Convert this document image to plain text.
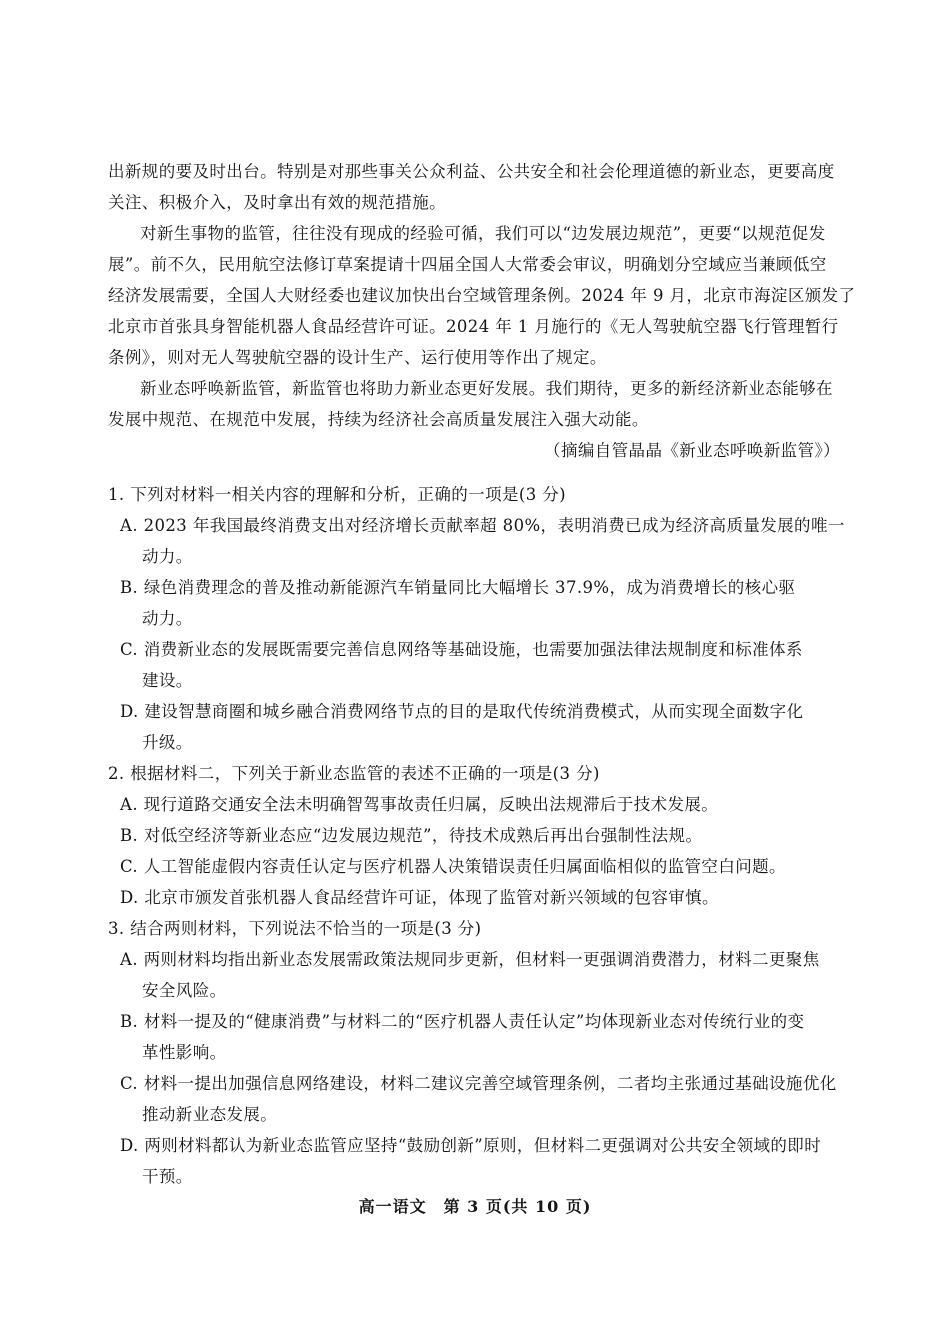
出新规的要及时出台。特别是对那些事关公众利益、公共安全和社会伦理道德的新业态，更要高度
关注、积极介入，及时拿出有效的规范措施。
对新生事物的监管，往往没有现成的经验可循，我们可以“边发展边规范”，更要“以规范促发
展”。前不久，民用航空法修订草案提请十四届全国人大常委会审议，明确划分空域应当兼顾低空
经济发展需要，全国人大财经委也建议加快出台空域管理条例。2024 年 9 月，北京市海淀区颁发了
北京市首张具身智能机器人食品经营许可证。2024 年 1 月施行的《无人驾驶航空器飞行管理暂行
条例》，则对无人驾驶航空器的设计生产、运行使用等作出了规定。
新业态呼唤新监管，新监管也将助力新业态更好发展。我们期待，更多的新经济新业态能够在
发展中规范、在规范中发展，持续为经济社会高质量发展注入强大动能。
（摘编自管晶晶《新业态呼唤新监管》）
1. 下列对材料一相关内容的理解和分析，正确的一项是(3 分)
A. 2023 年我国最终消费支出对经济增长贡献率超 80%，表明消费已成为经济高质量发展的唯一
动力。
B. 绿色消费理念的普及推动新能源汽车销量同比大幅增长 37.9%，成为消费增长的核心驱
动力。
C. 消费新业态的发展既需要完善信息网络等基础设施，也需要加强法律法规制度和标准体系
建设。
D. 建设智慧商圈和城乡融合消费网络节点的目的是取代传统消费模式，从而实现全面数字化
升级。
2. 根据材料二，下列关于新业态监管的表述不正确的一项是(3 分)
A. 现行道路交通安全法未明确智驾事故责任归属，反映出法规滞后于技术发展。
B. 对低空经济等新业态应“边发展边规范”，待技术成熟后再出台强制性法规。
C. 人工智能虚假内容责任认定与医疗机器人决策错误责任归属面临相似的监管空白问题。
D. 北京市颁发首张机器人食品经营许可证，体现了监管对新兴领域的包容审慎。
3. 结合两则材料，下列说法不恰当的一项是(3 分)
A. 两则材料均指出新业态发展需政策法规同步更新，但材料一更强调消费潜力，材料二更聚焦
安全风险。
B. 材料一提及的“健康消费”与材料二的“医疗机器人责任认定”均体现新业态对传统行业的变
革性影响。
C. 材料一提出加强信息网络建设，材料二建议完善空域管理条例，二者均主张通过基础设施优化
推动新业态发展。
D. 两则材料都认为新业态监管应坚持“鼓励创新”原则，但材料二更强调对公共安全领域的即时
干预。
高一语文　第 3 页(共 10 页)
